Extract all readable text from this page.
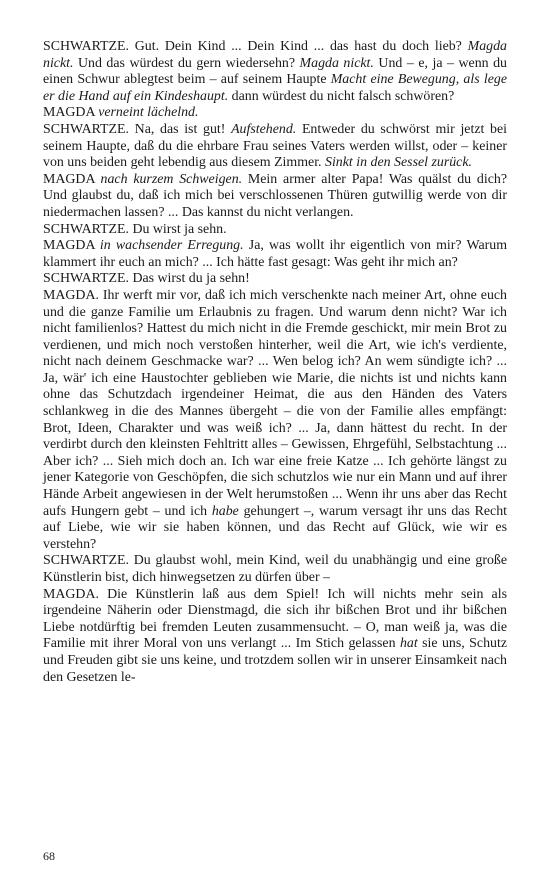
SCHWARTZE. Gut. Dein Kind ... Dein Kind ... das hast du doch lieb? Magda nickt. Und das würdest du gern wiedersehn? Magda nickt. Und – e, ja – wenn du einen Schwur ablegtest beim – auf seinem Haupte Macht eine Bewegung, als lege er die Hand auf ein Kindeshaupt. dann würdest du nicht falsch schwören?

MAGDA verneint lächelnd.

SCHWARTZE. Na, das ist gut! Aufstehend. Entweder du schwörst mir jetzt bei seinem Haupte, daß du die ehrbare Frau seines Vaters werden willst, oder – keiner von uns beiden geht lebendig aus diesem Zimmer. Sinkt in den Sessel zurück.

MAGDA nach kurzem Schweigen. Mein armer alter Papa! Was quälst du dich? Und glaubst du, daß ich mich bei verschlossenen Thüren gutwillig werde von dir niedermachen lassen? ... Das kannst du nicht verlangen.

SCHWARTZE. Du wirst ja sehn.

MAGDA in wachsender Erregung. Ja, was wollt ihr eigentlich von mir? Warum klammert ihr euch an mich? ... Ich hätte fast gesagt: Was geht ihr mich an?

SCHWARTZE. Das wirst du ja sehn!

MAGDA. Ihr werft mir vor, daß ich mich verschenkte nach meiner Art, ohne euch und die ganze Familie um Erlaubnis zu fragen. Und warum denn nicht? War ich nicht familienlos? Hattest du mich nicht in die Fremde geschickt, mir mein Brot zu verdienen, und mich noch verstoßen hinterher, weil die Art, wie ich's verdiente, nicht nach deinem Geschmacke war? ... Wen belog ich? An wem sündigte ich? ... Ja, wär' ich eine Haustochter geblieben wie Marie, die nichts ist und nichts kann ohne das Schutzdach irgendeiner Heimat, die aus den Händen des Vaters schlankweg in die des Mannes übergeht – die von der Familie alles empfängt: Brot, Ideen, Charakter und was weiß ich? ... Ja, dann hättest du recht. In der verdirbt durch den kleinsten Fehltritt alles – Gewissen, Ehrgefühl, Selbstachtung ... Aber ich? ... Sieh mich doch an. Ich war eine freie Katze ... Ich gehörte längst zu jener Kategorie von Geschöpfen, die sich schutzlos wie nur ein Mann und auf ihrer Hände Arbeit angewiesen in der Welt herumstoßen ... Wenn ihr uns aber das Recht aufs Hungern gebt – und ich habe gehungert –, warum versagt ihr uns das Recht auf Liebe, wie wir sie haben können, und das Recht auf Glück, wie wir es verstehn?

SCHWARTZE. Du glaubst wohl, mein Kind, weil du unabhängig und eine große Künstlerin bist, dich hinwegsetzen zu dürfen über –

MAGDA. Die Künstlerin laß aus dem Spiel! Ich will nichts mehr sein als irgendeine Näherin oder Dienstmagd, die sich ihr bißchen Brot und ihr bißchen Liebe notdürftig bei fremden Leuten zusammensucht. – O, man weiß ja, was die Familie mit ihrer Moral von uns verlangt ... Im Stich gelassen hat sie uns, Schutz und Freuden gibt sie uns keine, und trotzdem sollen wir in unserer Einsamkeit nach den Gesetzen le-

68
